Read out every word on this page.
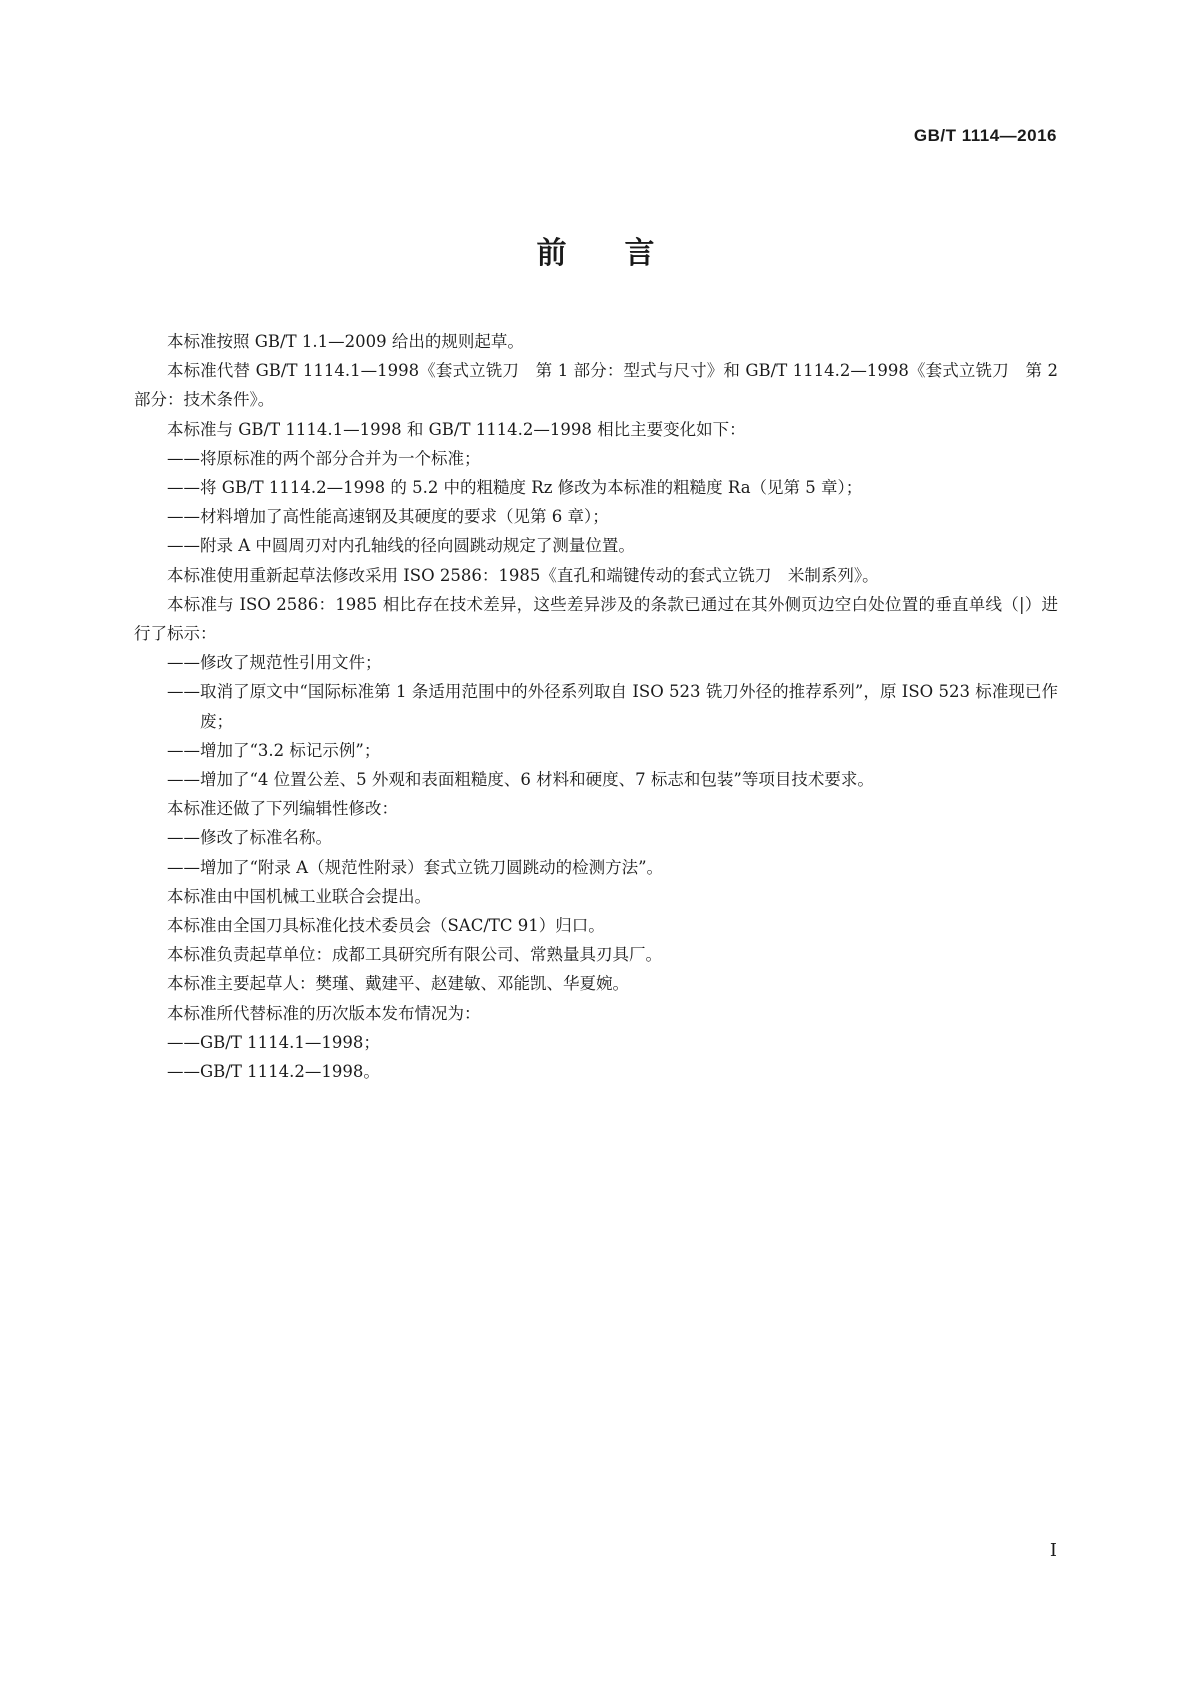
GB/T 1114—2016
前言

本标准按照 GB/T 1.1—2009 给出的规则起草。

本标准代替 GB/T 1114.1—1998《套式立铣刀　第 1 部分：型式与尺寸》和 GB/T 1114.2—1998《套式立铣刀　第 2 部分：技术条件》。

本标准与 GB/T 1114.1—1998 和 GB/T 1114.2—1998 相比主要变化如下：

——将原标准的两个部分合并为一个标准；

——将 GB/T 1114.2—1998 的 5.2 中的粗糙度 Rz 修改为本标准的粗糙度 Ra（见第 5 章）；

——材料增加了高性能高速钢及其硬度的要求（见第 6 章）；

——附录 A 中圆周刃对内孔轴线的径向圆跳动规定了测量位置。

本标准使用重新起草法修改采用 ISO 2586：1985《直孔和端键传动的套式立铣刀　米制系列》。

本标准与 ISO 2586：1985 相比存在技术差异，这些差异涉及的条款已通过在其外侧页边空白处位置的垂直单线（|）进行了标示：

——修改了规范性引用文件；

——取消了原文中“国际标准第 1 条适用范围中的外径系列取自 ISO 523 铣刀外径的推荐系列”，原 ISO 523 标准现已作废；

——增加了“3.2 标记示例”；

——增加了“4 位置公差、5 外观和表面粗糙度、6 材料和硬度、7 标志和包装”等项目技术要求。

本标准还做了下列编辑性修改：

——修改了标准名称。

——增加了“附录 A（规范性附录）套式立铣刀圆跳动的检测方法”。

本标准由中国机械工业联合会提出。

本标准由全国刀具标准化技术委员会（SAC/TC 91）归口。

本标准负责起草单位：成都工具研究所有限公司、常熟量具刃具厂。

本标准主要起草人：樊瑾、戴建平、赵建敏、邓能凯、华夏婉。

本标准所代替标准的历次版本发布情况为：

——GB/T 1114.1—1998；

——GB/T 1114.2—1998。

I
